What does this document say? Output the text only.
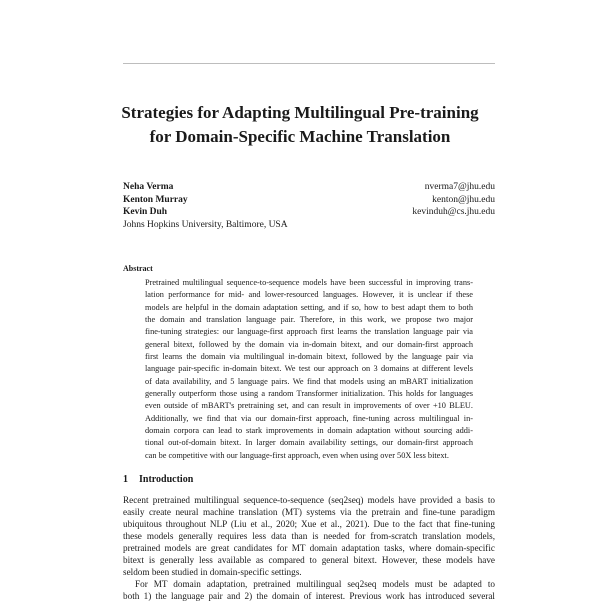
Strategies for Adapting Multilingual Pre-training
for Domain-Specific Machine Translation
Neha Verma
Kenton Murray
Kevin Duh
Johns Hopkins University, Baltimore, USA
nverma7@jhu.edu
kenton@jhu.edu
kevinduh@cs.jhu.edu
Abstract
Pretrained multilingual sequence-to-sequence models have been successful in improving trans-
lation performance for mid- and lower-resourced languages. However, it is unclear if these
models are helpful in the domain adaptation setting, and if so, how to best adapt them to both
the domain and translation language pair. Therefore, in this work, we propose two major
fine-tuning strategies: our language-first approach first learns the translation language pair via
general bitext, followed by the domain via in-domain bitext, and our domain-first approach
first learns the domain via multilingual in-domain bitext, followed by the language pair via
language pair-specific in-domain bitext. We test our approach on 3 domains at different levels
of data availability, and 5 language pairs. We find that models using an mBART initialization
generally outperform those using a random Transformer initialization. This holds for languages
even outside of mBART's pretraining set, and can result in improvements of over +10 BLEU.
Additionally, we find that via our domain-first approach, fine-tuning across multilingual in-
domain corpora can lead to stark improvements in domain adaptation without sourcing addi-
tional out-of-domain bitext. In larger domain availability settings, our domain-first approach
can be competitive with our language-first approach, even when using over 50X less bitext.
1 Introduction
Recent pretrained multilingual sequence-to-sequence (seq2seq) models have provided a basis to
easily create neural machine translation (MT) systems via the pretrain and fine-tune paradigm
ubiquitous throughout NLP (Liu et al., 2020; Xue et al., 2021). Due to the fact that fine-tuning
these models generally requires less data than is needed for from-scratch translation models,
pretrained models are great candidates for MT domain adaptation tasks, where domain-specific
bitext is generally less available as compared to general bitext. However, these models have
seldom been studied in domain-specific settings.
For MT domain adaptation, pretrained multilingual seq2seq models must be adapted to
both 1) the language pair and 2) the domain of interest. Previous work has introduced several
